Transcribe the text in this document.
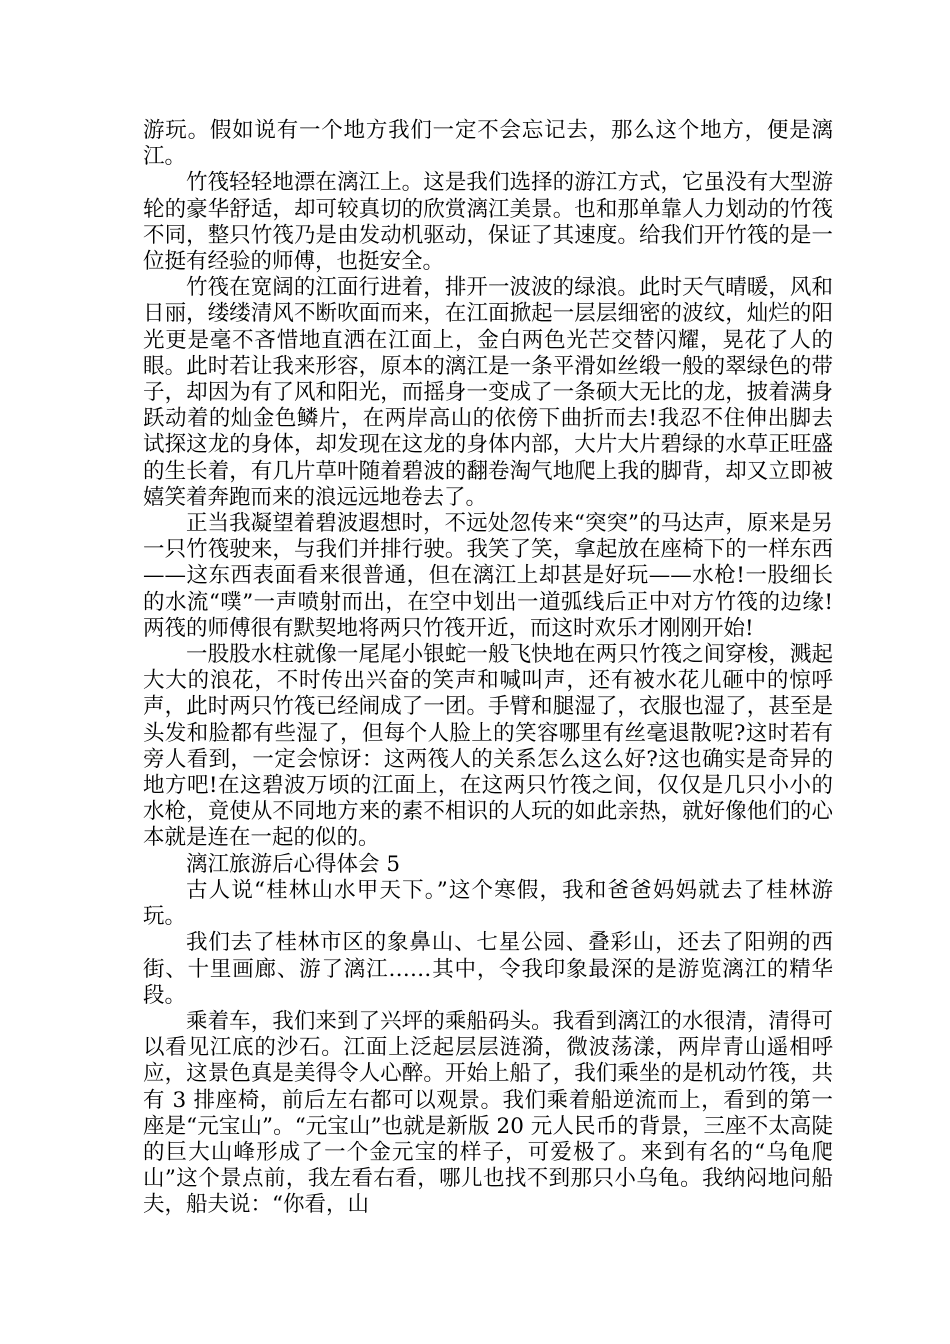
游玩。假如说有一个地方我们一定不会忘记去，那么这个地方，便是漓江。

竹筏轻轻地漂在漓江上。这是我们选择的游江方式，它虽没有大型游轮的豪华舒适，却可较真切的欣赏漓江美景。也和那单靠人力划动的竹筏不同，整只竹筏乃是由发动机驱动，保证了其速度。给我们开竹筏的是一位挺有经验的师傅，也挺安全。

竹筏在宽阔的江面行进着，排开一波波的绿浪。此时天气晴暖，风和日丽，缕缕清风不断吹面而来，在江面掀起一层层细密的波纹，灿烂的阳光更是毫不吝惜地直洒在江面上，金白两色光芒交替闪耀，晃花了人的眼。此时若让我来形容，原本的漓江是一条平滑如丝缎一般的翠绿色的带子，却因为有了风和阳光，而摇身一变成了一条硕大无比的龙，披着满身跃动着的灿金色鳞片，在两岸高山的依傍下曲折而去!我忍不住伸出脚去试探这龙的身体，却发现在这龙的身体内部，大片大片碧绿的水草正旺盛的生长着，有几片草叶随着碧波的翻卷淘气地爬上我的脚背，却又立即被嬉笑着奔跑而来的浪远远地卷去了。

正当我凝望着碧波遐想时，不远处忽传来“突突”的马达声，原来是另一只竹筏驶来，与我们并排行驶。我笑了笑，拿起放在座椅下的一样东西——这东西表面看来很普通，但在漓江上却甚是好玩——水枪!一股细长的水流“噗”一声喷射而出，在空中划出一道弧线后正中对方竹筏的边缘!两筏的师傅很有默契地将两只竹筏开近，而这时欢乐才刚刚开始!

一股股水柱就像一尾尾小银蛇一般飞快地在两只竹筏之间穿梭，溅起大大的浪花，不时传出兴奋的笑声和喊叫声，还有被水花儿砸中的惊呼声，此时两只竹筏已经闹成了一团。手臂和腿湿了，衣服也湿了，甚至是头发和脸都有些湿了，但每个人脸上的笑容哪里有丝毫退散呢?这时若有旁人看到，一定会惊讶：这两筏人的关系怎么这么好?这也确实是奇异的地方吧!在这碧波万顷的江面上，在这两只竹筏之间，仅仅是几只小小的水枪，竟使从不同地方来的素不相识的人玩的如此亲热，就好像他们的心本就是连在一起的似的。

漓江旅游后心得体会 5

古人说“桂林山水甲天下。”这个寒假，我和爸爸妈妈就去了桂林游玩。

我们去了桂林市区的象鼻山、七星公园、叠彩山，还去了阳朔的西街、十里画廊、游了漓江……其中，令我印象最深的是游览漓江的精华段。

乘着车，我们来到了兴坪的乘船码头。我看到漓江的水很清，清得可以看见江底的沙石。江面上泛起层层涟漪，微波荡漾，两岸青山遥相呼应，这景色真是美得令人心醉。开始上船了，我们乘坐的是机动竹筏，共有 3 排座椅，前后左右都可以观景。我们乘着船逆流而上，看到的第一座是“元宝山”。“元宝山”也就是新版 20 元人民币的背景，三座不太高陡的巨大山峰形成了一个金元宝的样子，可爱极了。来到有名的“乌龟爬山”这个景点前，我左看右看，哪儿也找不到那只小乌龟。我纳闷地问船夫，船夫说：“你看，山
